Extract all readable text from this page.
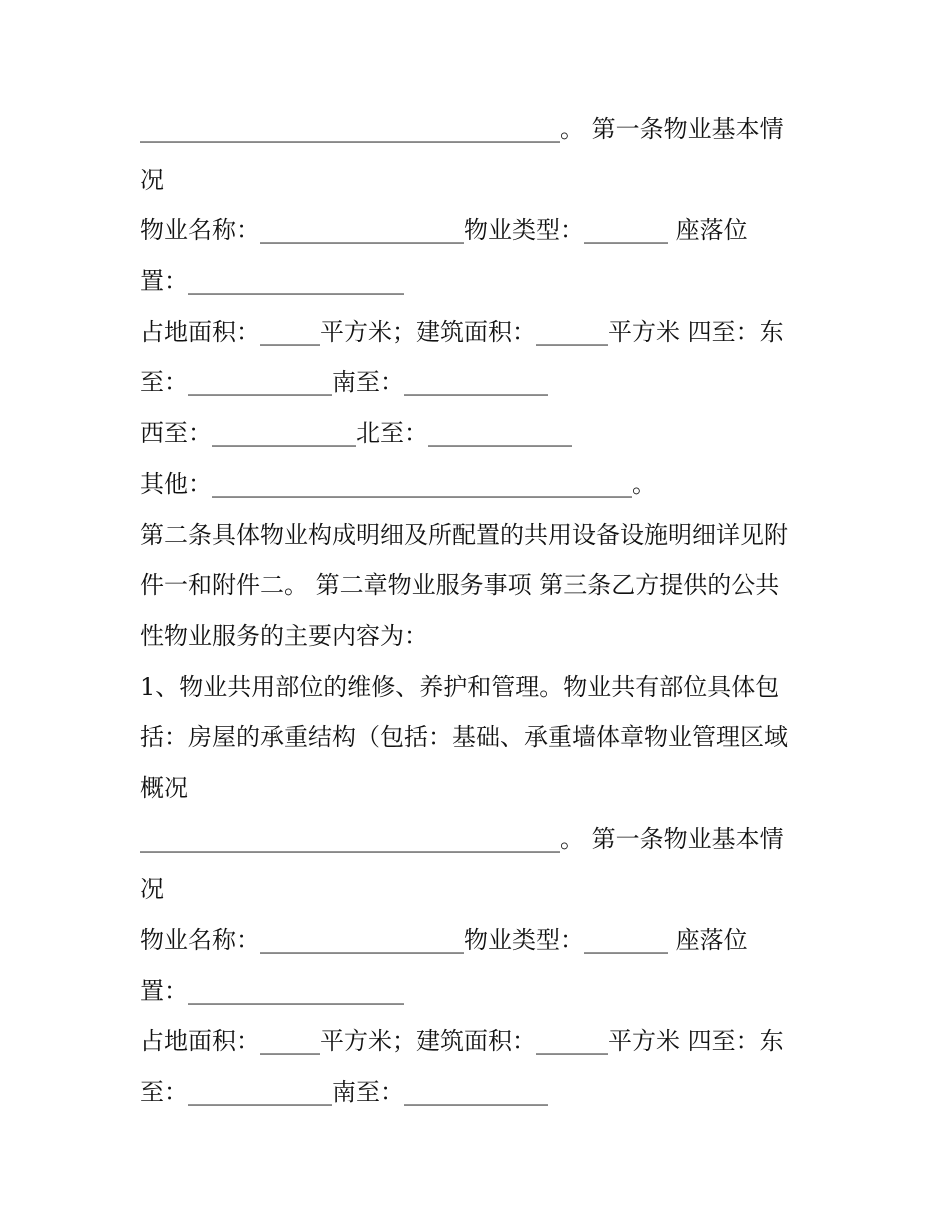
___________________________________。 第一条物业基本情
况
物业名称：_________________物业类型：_______ 座落位
置：__________________
占地面积：_____平方米；建筑面积：______平方米 四至：东
至：____________南至：____________
西至：____________北至：____________
其他：___________________________________。
第二条具体物业构成明细及所配置的共用设备设施明细详见附
件一和附件二。 第二章物业服务事项 第三条乙方提供的公共
性物业服务的主要内容为：
1、物业共用部位的维修、养护和管理。物业共有部位具体包
括：房屋的承重结构（包括：基础、承重墙体章物业管理区域
概况
___________________________________。 第一条物业基本情
况
物业名称：_________________物业类型：_______ 座落位
置：__________________
占地面积：_____平方米；建筑面积：______平方米 四至：东
至：____________南至：____________
